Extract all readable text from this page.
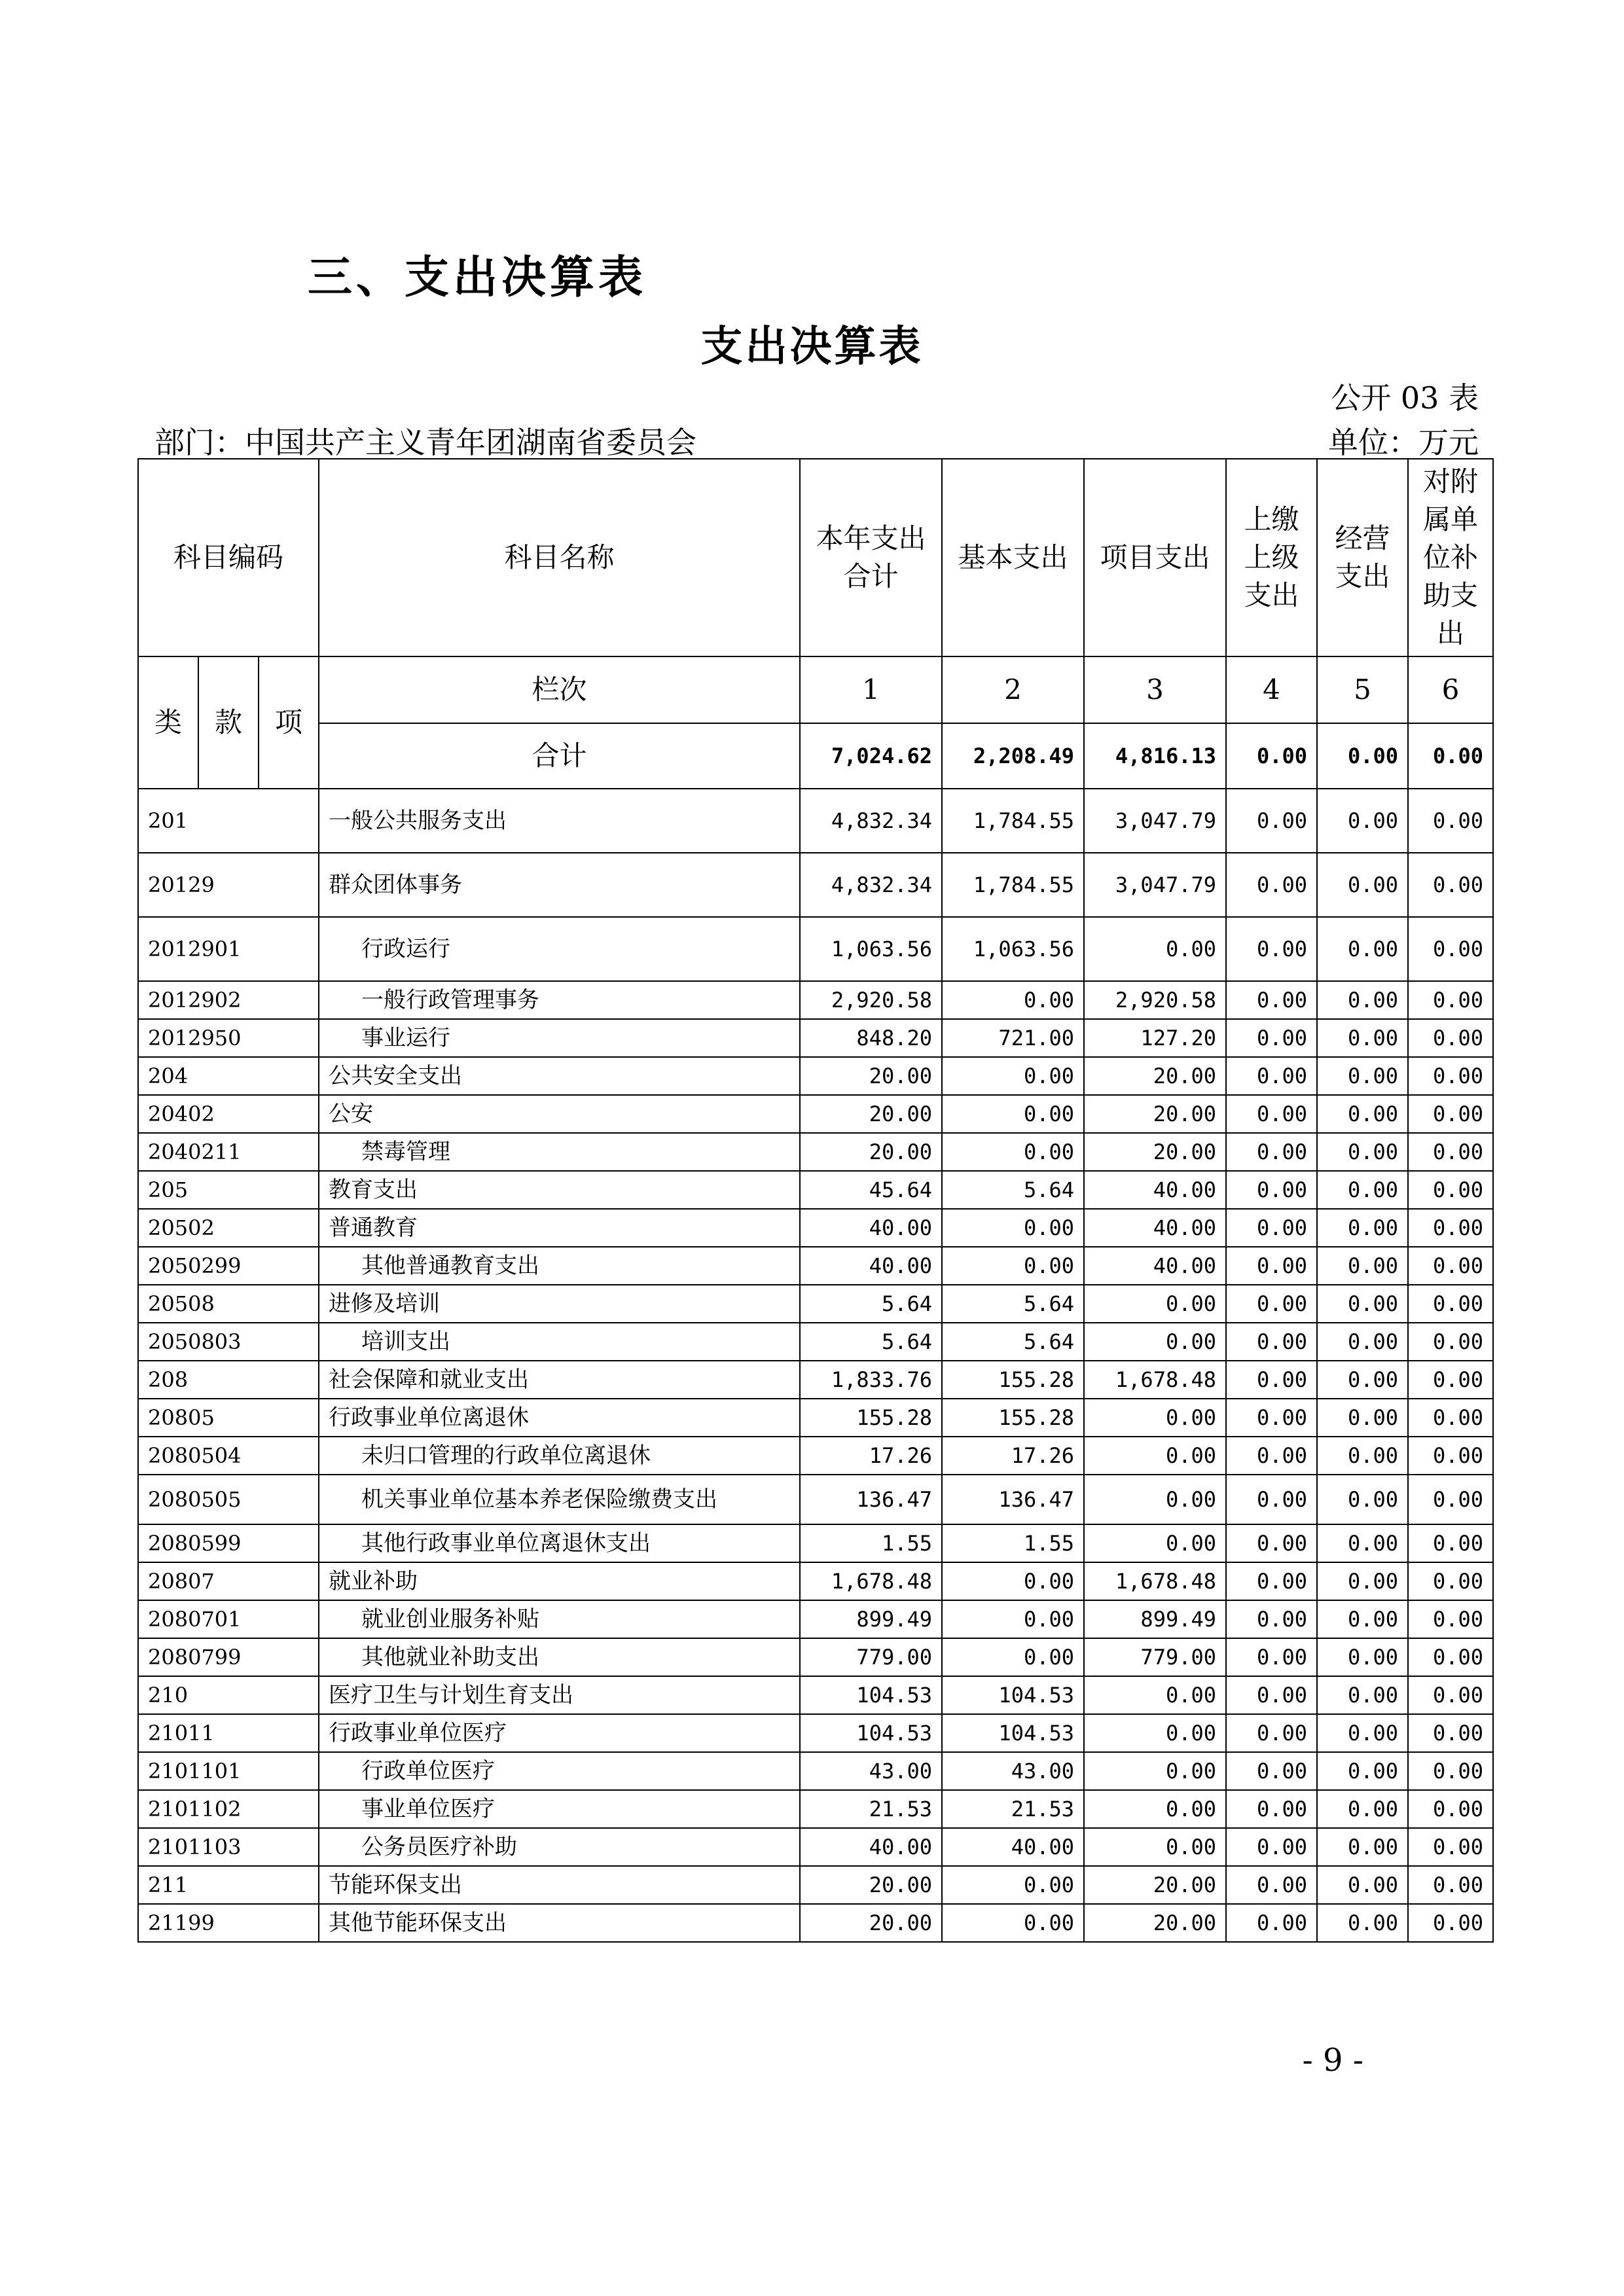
三、支出决算表
支出决算表
公开 03 表
部门：中国共产主义青年团湖南省委员会	单位：万元
科目编码			科目名称	本年支出合计	基本支出	项目支出	上缴上级支出	经营支出	对附属单位补助支出
类	款	项	栏次	1	2	3	4	5	6
			合计	7,024.62	2,208.49	4,816.13	0.00	0.00	0.00
201			一般公共服务支出	4,832.34	1,784.55	3,047.79	0.00	0.00	0.00
20129			群众团体事务	4,832.34	1,784.55	3,047.79	0.00	0.00	0.00
2012901			行政运行	1,063.56	1,063.56	0.00	0.00	0.00	0.00
2012902			一般行政管理事务	2,920.58	0.00	2,920.58	0.00	0.00	0.00
2012950			事业运行	848.20	721.00	127.20	0.00	0.00	0.00
204			公共安全支出	20.00	0.00	20.00	0.00	0.00	0.00
20402			公安	20.00	0.00	20.00	0.00	0.00	0.00
2040211			禁毒管理	20.00	0.00	20.00	0.00	0.00	0.00
205			教育支出	45.64	5.64	40.00	0.00	0.00	0.00
20502			普通教育	40.00	0.00	40.00	0.00	0.00	0.00
2050299			其他普通教育支出	40.00	0.00	40.00	0.00	0.00	0.00
20508			进修及培训	5.64	5.64	0.00	0.00	0.00	0.00
2050803			培训支出	5.64	5.64	0.00	0.00	0.00	0.00
208			社会保障和就业支出	1,833.76	155.28	1,678.48	0.00	0.00	0.00
20805			行政事业单位离退休	155.28	155.28	0.00	0.00	0.00	0.00
2080504			未归口管理的行政单位离退休	17.26	17.26	0.00	0.00	0.00	0.00
2080505			机关事业单位基本养老保险缴费支出	136.47	136.47	0.00	0.00	0.00	0.00
2080599			其他行政事业单位离退休支出	1.55	1.55	0.00	0.00	0.00	0.00
20807			就业补助	1,678.48	0.00	1,678.48	0.00	0.00	0.00
2080701			就业创业服务补贴	899.49	0.00	899.49	0.00	0.00	0.00
2080799			其他就业补助支出	779.00	0.00	779.00	0.00	0.00	0.00
210			医疗卫生与计划生育支出	104.53	104.53	0.00	0.00	0.00	0.00
21011			行政事业单位医疗	104.53	104.53	0.00	0.00	0.00	0.00
2101101			行政单位医疗	43.00	43.00	0.00	0.00	0.00	0.00
2101102			事业单位医疗	21.53	21.53	0.00	0.00	0.00	0.00
2101103			公务员医疗补助	40.00	40.00	0.00	0.00	0.00	0.00
211			节能环保支出	20.00	0.00	20.00	0.00	0.00	0.00
21199			其他节能环保支出	20.00	0.00	20.00	0.00	0.00	0.00
- 9 -
